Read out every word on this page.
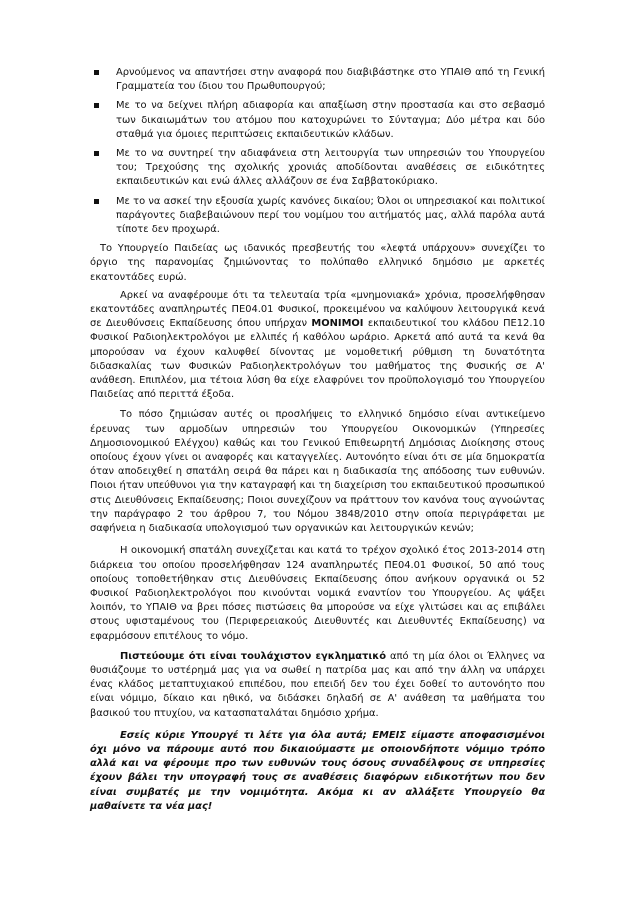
Αρνούμενος να απαντήσει στην αναφορά που διαβιβάστηκε στο ΥΠΑΙΘ από τη Γενική Γραμματεία του ίδιου του Πρωθυπουργού;
Με το να δείχνει πλήρη αδιαφορία και απαξίωση στην προστασία και στο σεβασμό των δικαιωμάτων του ατόμου που κατοχυρώνει το Σύνταγμα; Δύο μέτρα και δύο σταθμά για όμοιες περιπτώσεις εκπαιδευτικών κλάδων.
Με το να συντηρεί την αδιαφάνεια στη λειτουργία των υπηρεσιών του Υπουργείου του; Τρεχούσης της σχολικής χρονιάς αποδίδονται αναθέσεις σε ειδικότητες εκπαιδευτικών και ενώ άλλες αλλάζουν σε ένα Σαββατοκύριακο.
Με το να ασκεί την εξουσία χωρίς κανόνες δικαίου; Όλοι οι υπηρεσιακοί και πολιτικοί παράγοντες διαβεβαιώνουν περί του νομίμου του αιτήματός μας, αλλά παρόλα αυτά τίποτε δεν προχωρά.

Το Υπουργείο Παιδείας ως ιδανικός πρεσβευτής του «λεφτά υπάρχουν» συνεχίζει το όργιο της παρανομίας ζημιώνοντας το πολύπαθο ελληνικό δημόσιο με αρκετές εκατοντάδες ευρώ.

Αρκεί να αναφέρουμε ότι τα τελευταία τρία «μνημονιακά» χρόνια, προσελήφθησαν εκατοντάδες αναπληρωτές ΠΕ04.01 Φυσικοί, προκειμένου να καλύψουν λειτουργικά κενά σε Διευθύνσεις Εκπαίδευσης όπου υπήρχαν ΜΟΝΙΜΟΙ εκπαιδευτικοί του κλάδου ΠΕ12.10 Φυσικοί Ραδιοηλεκτρολόγοι με ελλιπές ή καθόλου ωράριο. Αρκετά από αυτά τα κενά θα μπορούσαν να έχουν καλυφθεί δίνοντας με νομοθετική ρύθμιση τη δυνατότητα διδασκαλίας των Φυσικών Ραδιοηλεκτρολόγων του μαθήματος της Φυσικής σε Α' ανάθεση. Επιπλέον, μια τέτοια λύση θα είχε ελαφρύνει τον προϋπολογισμό του Υπουργείου Παιδείας από περιττά έξοδα.

Το πόσο ζημιώσαν αυτές οι προσλήψεις το ελληνικό δημόσιο είναι αντικείμενο έρευνας των αρμοδίων υπηρεσιών του Υπουργείου Οικονομικών (Υπηρεσίες Δημοσιονομικού Ελέγχου) καθώς και του Γενικού Επιθεωρητή Δημόσιας Διοίκησης στους οποίους έχουν γίνει οι αναφορές και καταγγελίες. Αυτονόητο είναι ότι σε μία δημοκρατία όταν αποδειχθεί η σπατάλη σειρά θα πάρει και η διαδικασία της απόδοσης των ευθυνών. Ποιοι ήταν υπεύθυνοι για την καταγραφή και τη διαχείριση του εκπαιδευτικού προσωπικού στις Διευθύνσεις Εκπαίδευσης; Ποιοι συνεχίζουν να πράττουν τον κανόνα τους αγνοώντας την παράγραφο 2 του άρθρου 7, του Νόμου 3848/2010 στην οποία περιγράφεται με σαφήνεια η διαδικασία υπολογισμού των οργανικών και λειτουργικών κενών;

Η οικονομική σπατάλη συνεχίζεται και κατά το τρέχον σχολικό έτος 2013-2014 στη διάρκεια του οποίου προσελήφθησαν 124 αναπληρωτές ΠΕ04.01 Φυσικοί, 50 από τους οποίους τοποθετήθηκαν στις Διευθύνσεις Εκπαίδευσης όπου ανήκουν οργανικά οι 52 Φυσικοί Ραδιοηλεκτρολόγοι που κινούνται νομικά εναντίον του Υπουργείου. Ας ψάξει λοιπόν, το ΥΠΑΙΘ να βρει πόσες πιστώσεις θα μπορούσε να είχε γλιτώσει και ας επιβάλει στους υφισταμένους του (Περιφερειακούς Διευθυντές και Διευθυντές Εκπαίδευσης) να εφαρμόσουν επιτέλους το νόμο.

Πιστεύουμε ότι είναι τουλάχιστον εγκληματικό από τη μία όλοι οι Έλληνες να θυσιάζουμε το υστέρημά μας για να σωθεί η πατρίδα μας και από την άλλη να υπάρχει ένας κλάδος μεταπτυχιακού επιπέδου, που επειδή δεν του έχει δοθεί το αυτονόητο που είναι νόμιμο, δίκαιο και ηθικό, να διδάσκει δηλαδή σε Α' ανάθεση τα μαθήματα του βασικού του πτυχίου, να κατασπαταλάται δημόσιο χρήμα.

Εσείς κύριε Υπουργέ τι λέτε για όλα αυτά; ΕΜΕΙΣ είμαστε αποφασισμένοι όχι μόνο να πάρουμε αυτό που δικαιούμαστε με οποιονδήποτε νόμιμο τρόπο αλλά και να φέρουμε προ των ευθυνών τους όσους συναδέλφους σε υπηρεσίες έχουν βάλει την υπογραφή τους σε αναθέσεις διαφόρων ειδικοτήτων που δεν είναι συμβατές με την νομιμότητα. Ακόμα κι αν αλλάξετε Υπουργείο θα μαθαίνετε τα νέα μας!
